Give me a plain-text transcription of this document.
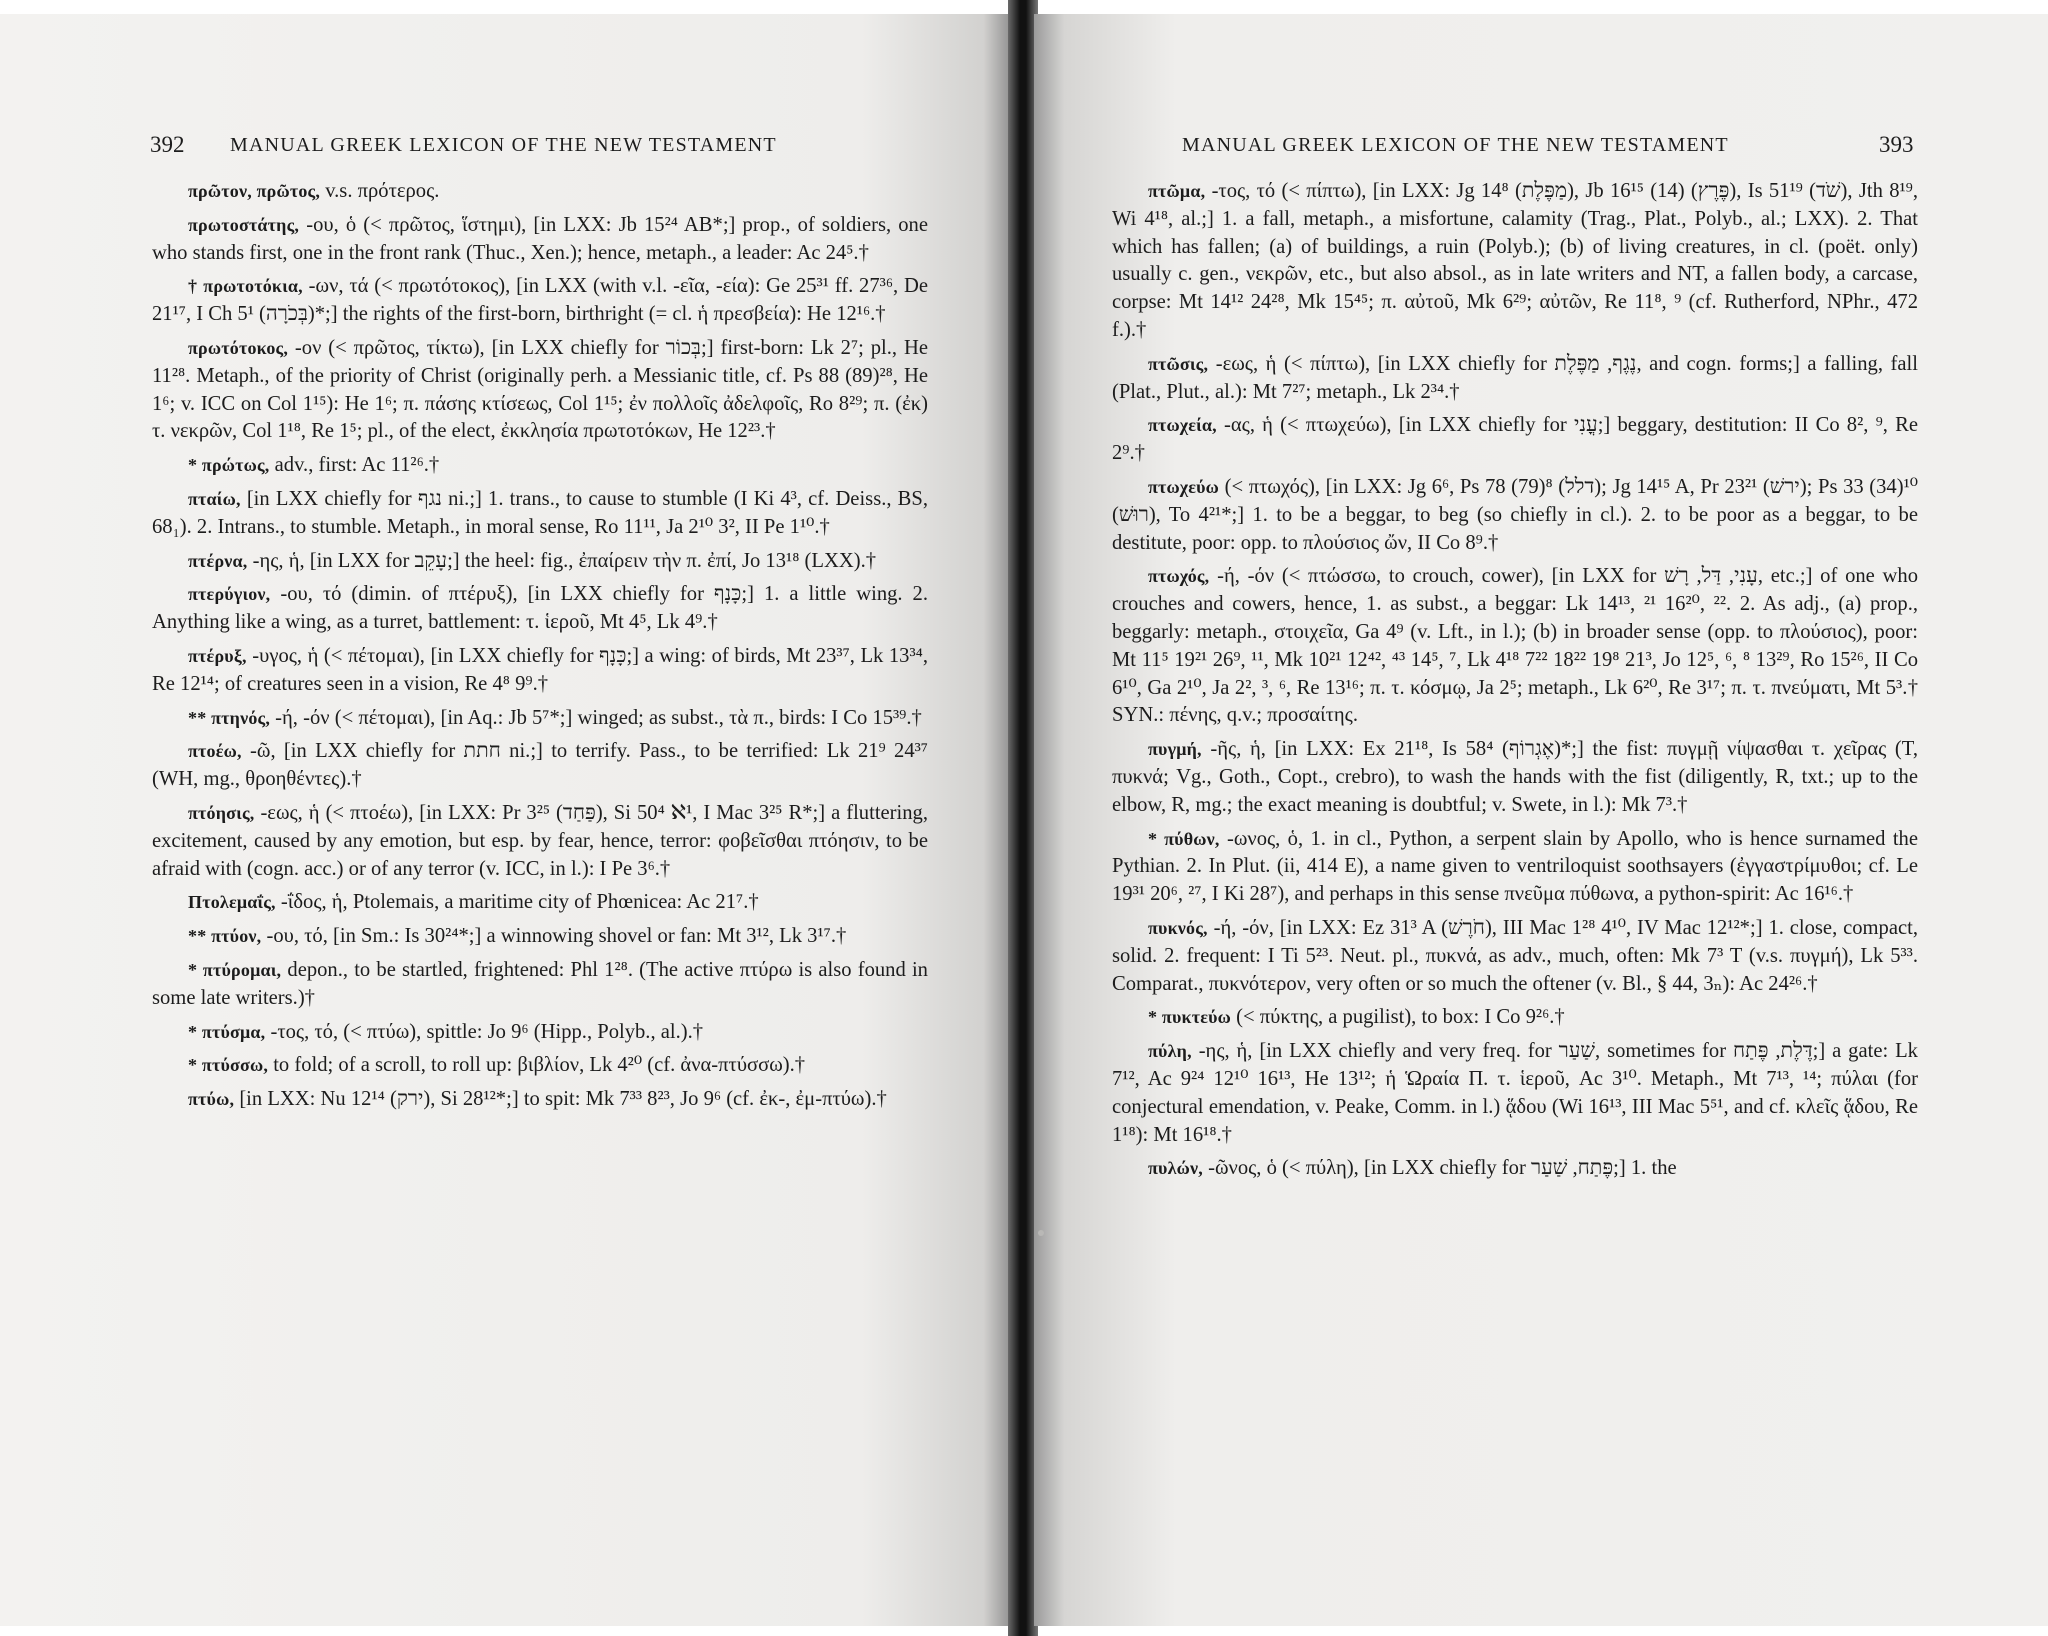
392 MANUAL GREEK LEXICON OF THE NEW TESTAMENT

πρῶτον, πρῶτος, v.s. πρότερος.

πρωτοστάτης, -ου, ὁ (< πρῶτος, ἵστημι), [in LXX: Jb 15²⁴ AB*;] prop., of soldiers, one who stands first, one in the front rank (Thuc., Xen.); hence, metaph., a leader: Ac 24⁵.†

† πρωτοτόκια, -ων, τά (< πρωτότοκος), [in LXX (with v.l. -εῖα, -εία): Ge 25³¹ ff. 27³⁶, De 21¹⁷, I Ch 5¹ (בְּכֹרָה)*;] the rights of the first-born, birthright (= cl. ἡ πρεσβεία): He 12¹⁶.†

πρωτότοκος, -ον (< πρῶτος, τίκτω), [in LXX chiefly for בְּכוֹר;] first-born: Lk 2⁷; pl., He 11²⁸. Metaph., of the priority of Christ (originally perh. a Messianic title, cf. Ps 88 (89)²⁸, He 1⁶; v. ICC on Col 1¹⁵): He 1⁶; π. πάσης κτίσεως, Col 1¹⁵; ἐν πολλοῖς ἀδελφοῖς, Ro 8²⁹; π. (ἐκ) τ. νεκρῶν, Col 1¹⁸, Re 1⁵; pl., of the elect, ἐκκλησία πρωτοτόκων, He 12²³.†

* πρώτως, adv., first: Ac 11²⁶.†

πταίω, [in LXX chiefly for נגף ni.;] 1. trans., to cause to stumble (I Ki 4³, cf. Deiss., BS, 68₁). 2. Intrans., to stumble. Metaph., in moral sense, Ro 11¹¹, Ja 2¹⁰ 3², II Pe 1¹⁰.†

πτέρνα, -ης, ἡ, [in LXX for עָקֵב;] the heel: fig., ἐπαίρειν τὴν π. ἐπί, Jo 13¹⁸ (LXX).†

πτερύγιον, -ου, τό (dimin. of πτέρυξ), [in LXX chiefly for כָּנָף;] 1. a little wing. 2. Anything like a wing, as a turret, battlement: τ. ἱεροῦ, Mt 4⁵, Lk 4⁹.†

πτέρυξ, -υγος, ἡ (< πέτομαι), [in LXX chiefly for כָּנָף;] a wing: of birds, Mt 23³⁷, Lk 13³⁴, Re 12¹⁴; of creatures seen in a vision, Re 4⁸ 9⁹.†

** πτηνός, -ή, -όν (< πέτομαι), [in Aq.: Jb 5⁷*;] winged; as subst., τὰ π., birds: I Co 15³⁹.†

πτοέω, -ῶ, [in LXX chiefly for חתת ni.;] to terrify. Pass., to be terrified: Lk 21⁹ 24³⁷ (WH, mg., θροηθέντες).†

πτόησις, -εως, ἡ (< πτοέω), [in LXX: Pr 3²⁵ (פַּחַד), Si 50⁴ ℵ¹, I Mac 3²⁵ R*;] a fluttering, excitement, caused by any emotion, but esp. by fear, hence, terror: φοβεῖσθαι πτόησιν, to be afraid with (cogn. acc.) or of any terror (v. ICC, in l.): I Pe 3⁶.†

Πτολεμαΐς, -ΐδος, ἡ, Ptolemais, a maritime city of Phœnicea: Ac 21⁷.†

** πτύον, -ου, τό, [in Sm.: Is 30²⁴*;] a winnowing shovel or fan: Mt 3¹², Lk 3¹⁷.†

* πτύρομαι, depon., to be startled, frightened: Phl 1²⁸. (The active πτύρω is also found in some late writers.)†

* πτύσμα, -τος, τό, (< πτύω), spittle: Jo 9⁶ (Hipp., Polyb., al.).†

* πτύσσω, to fold; of a scroll, to roll up: βιβλίον, Lk 4²⁰ (cf. ἀνα-πτύσσω).†

πτύω, [in LXX: Nu 12¹⁴ (ירק), Si 28¹²*;] to spit: Mk 7³³ 8²³, Jo 9⁶ (cf. ἐκ-, ἐμ-πτύω).†

MANUAL GREEK LEXICON OF THE NEW TESTAMENT	393

πτῶμα, -τος, τό (< πίπτω), [in LXX: Jg 14⁸ (מַפֶּלֶת), Jb 16¹⁵ (14) (פֶּרֶץ), Is 51¹⁹ (שֹׁד), Jth 8¹⁹, Wi 4¹⁸, al.;] 1. a fall, metaph., a misfortune, calamity (Trag., Plat., Polyb., al.; LXX). 2. That which has fallen; (a) of buildings, a ruin (Polyb.); (b) of living creatures, in cl. (poët. only) usually c. gen., νεκρῶν, etc., but also absol., as in late writers and NT, a fallen body, a carcase, corpse: Mt 14¹² 24²⁸, Mk 15⁴⁵; π. αὐτοῦ, Mk 6²⁹; αὐτῶν, Re 11⁸, ⁹ (cf. Rutherford, NPhr., 472 f.).†

πτῶσις, -εως, ἡ (< πίπτω), [in LXX chiefly for נֶגֶף, מַפֶּלֶת, and cogn. forms;] a falling, fall (Plat., Plut., al.): Mt 7²⁷; metaph., Lk 2³⁴.†

πτωχεία, -ας, ἡ (< πτωχεύω), [in LXX chiefly for עֳנִי;] beggary, destitution: II Co 8², ⁹, Re 2⁹.†

πτωχεύω (< πτωχός), [in LXX: Jg 6⁶, Ps 78 (79)⁸ (דלל); Jg 14¹⁵ A, Pr 23²¹ (ירשׁ); Ps 33 (34)¹⁰ (רוּשׁ), To 4²¹*;] 1. to be a beggar, to beg (so chiefly in cl.). 2. to be poor as a beggar, to be destitute, poor: opp. to πλούσιος ὤν, II Co 8⁹.†

πτωχός, -ή, -όν (< πτώσσω, to crouch, cower), [in LXX for עָנִי, דַּל, רָשׁ, etc.;] of one who crouches and cowers, hence, 1. as subst., a beggar: Lk 14¹³, ²¹ 16²⁰, ²². 2. As adj., (a) prop., beggarly: metaph., στοιχεῖα, Ga 4⁹ (v. Lft., in l.); (b) in broader sense (opp. to πλούσιος), poor: Mt 11⁵ 19²¹ 26⁹, ¹¹, Mk 10²¹ 12⁴², ⁴³ 14⁵, ⁷, Lk 4¹⁸ 7²² 18²² 19⁸ 21³, Jo 12⁵, ⁶, ⁸ 13²⁹, Ro 15²⁶, II Co 6¹⁰, Ga 2¹⁰, Ja 2², ³, ⁶, Re 13¹⁶; π. τ. κόσμῳ, Ja 2⁵; metaph., Lk 6²⁰, Re 3¹⁷; π. τ. πνεύματι, Mt 5³.† SYN.: πένης, q.v.; προσαίτης.

πυγμή, -ῆς, ἡ, [in LXX: Ex 21¹⁸, Is 58⁴ (אֶגְרוֹף)*;] the fist: πυγμῇ νίψασθαι τ. χεῖρας (T, πυκνά; Vg., Goth., Copt., crebro), to wash the hands with the fist (diligently, R, txt.; up to the elbow, R, mg.; the exact meaning is doubtful; v. Swete, in l.): Mk 7³.†

* πύθων, -ωνος, ὁ, 1. in cl., Python, a serpent slain by Apollo, who is hence surnamed the Pythian. 2. In Plut. (ii, 414 E), a name given to ventriloquist soothsayers (ἐγγαστρίμυθοι; cf. Le 19³¹ 20⁶, ²⁷, I Ki 28⁷), and perhaps in this sense πνεῦμα πύθωνα, a python-spirit: Ac 16¹⁶.†

πυκνός, -ή, -όν, [in LXX: Ez 31³ A (חֹרֶשׁ), III Mac 1²⁸ 4¹⁰, IV Mac 12¹²*;] 1. close, compact, solid. 2. frequent: I Ti 5²³. Neut. pl., πυκνά, as adv., much, often: Mk 7³ T (v.s. πυγμή), Lk 5³³. Comparat., πυκνότερον, very often or so much the oftener (v. Bl., § 44, 3ₙ): Ac 24²⁶.†

* πυκτεύω (< πύκτης, a pugilist), to box: I Co 9²⁶.†

πύλη, -ης, ἡ, [in LXX chiefly and very freq. for שַׁעַר, sometimes for דֶּלֶת, פֶּתַח;] a gate: Lk 7¹², Ac 9²⁴ 12¹⁰ 16¹³, He 13¹²; ἡ Ὡραία Π. τ. ἱεροῦ, Ac 3¹⁰. Metaph., Mt 7¹³, ¹⁴; πύλαι (for conjectural emendation, v. Peake, Comm. in l.) ᾅδου (Wi 16¹³, III Mac 5⁵¹, and cf. κλεῖς ᾅδου, Re 1¹⁸): Mt 16¹⁸.†

πυλών, -ῶνος, ὁ (< πύλη), [in LXX chiefly for פֶּתַח, שַׁעַר;] 1. the
